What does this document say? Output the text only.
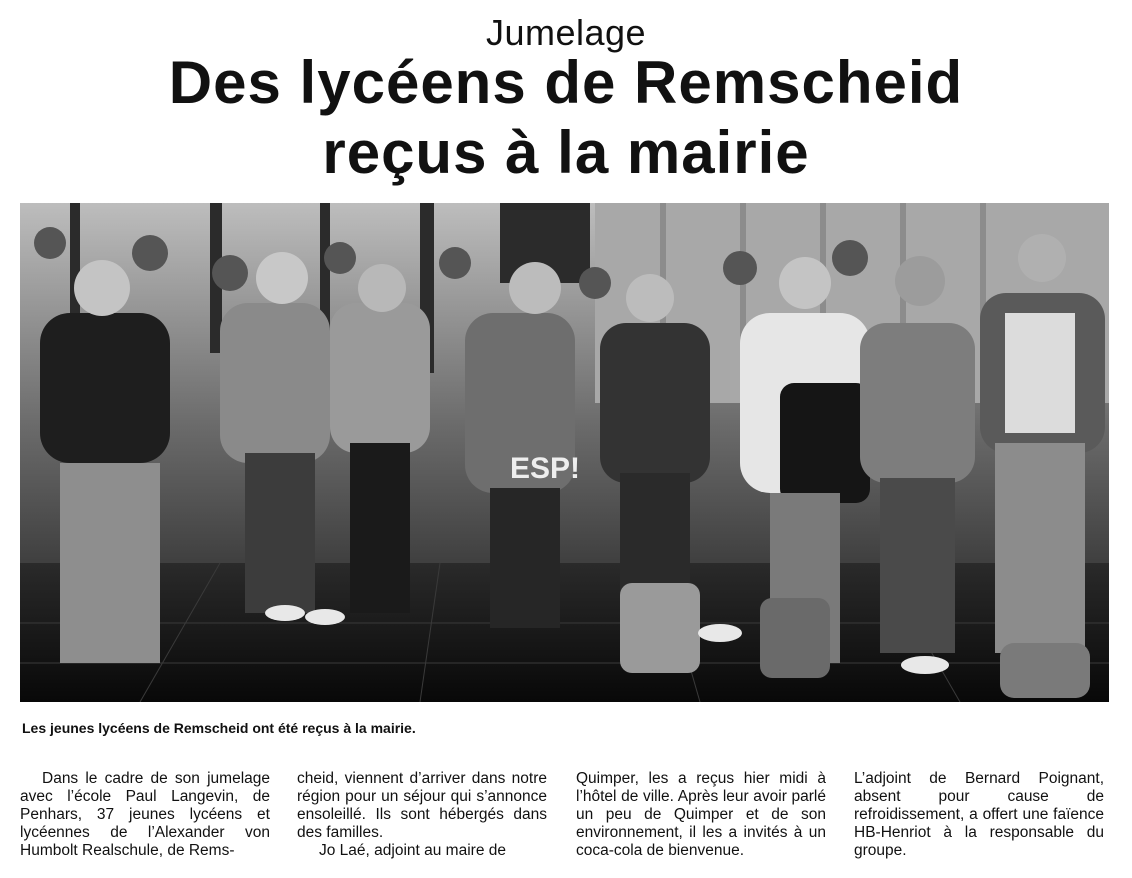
Jumelage
Des lycéens de Remscheid
reçus à la mairie
ESP!
Les jeunes lycéens de Remscheid ont été reçus à la mairie.

Dans le cadre de son jumelage avec l’école Paul Langevin, de Penhars, 37 jeunes lycéens et lycéennes de l’Alexander von Humbolt Realschule, de Rems-

cheid, viennent d’arriver dans notre région pour un séjour qui s’annonce ensoleillé. Ils sont hébergés dans des familles.

Jo Laé, adjoint au maire de

Quimper, les a reçus hier midi à l’hôtel de ville. Après leur avoir parlé un peu de Quimper et de son environnement, il les a invités à un coca-cola de bienvenue.

L’adjoint de Bernard Poignant, absent pour cause de refroidissement, a offert une faïence HB-Henriot à la responsable du groupe.
